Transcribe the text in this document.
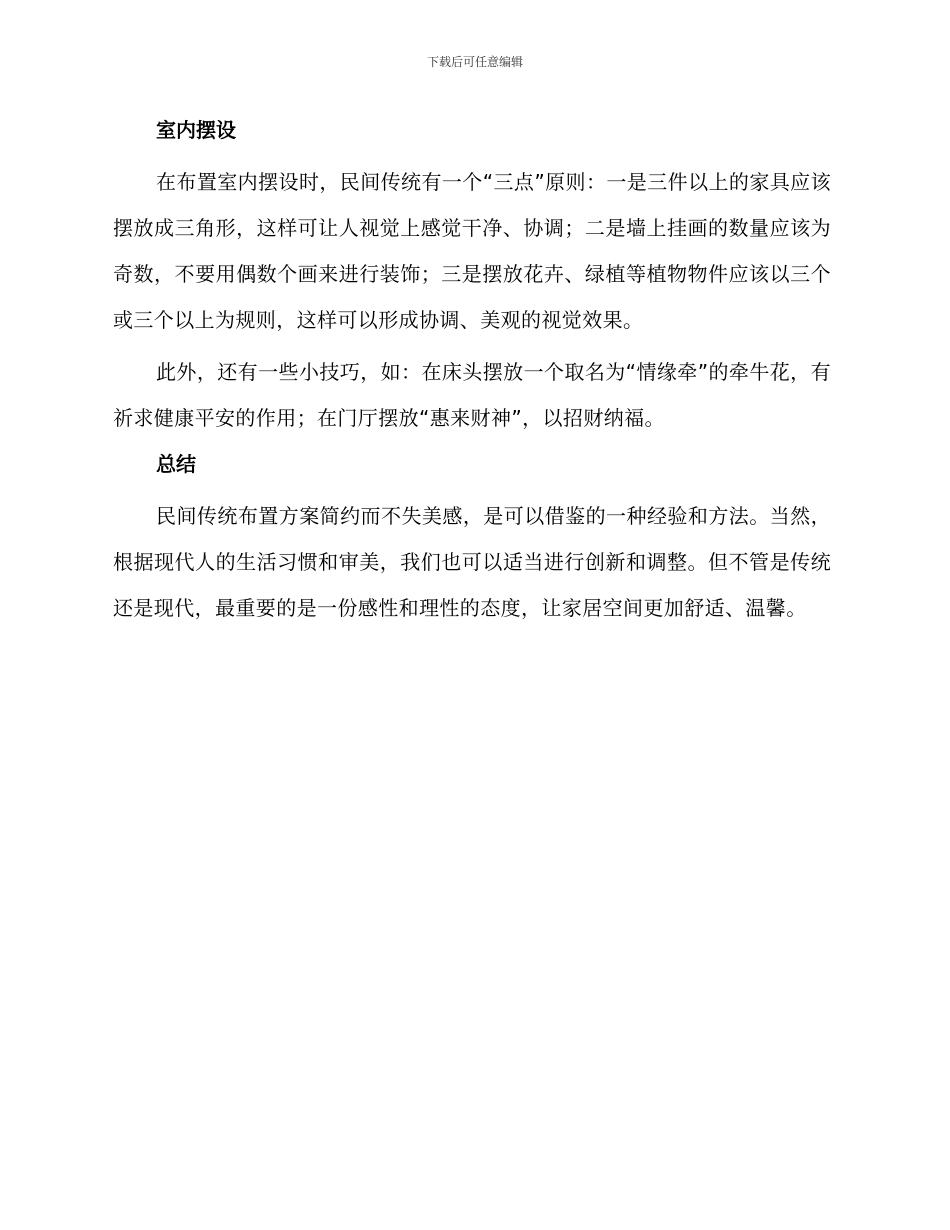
下载后可任意编辑
室内摆设

在布置室内摆设时，民间传统有一个“三点”原则：一是三件以上的家具应该摆放成三角形，这样可让人视觉上感觉干净、协调；二是墙上挂画的数量应该为奇数，不要用偶数个画来进行装饰；三是摆放花卉、绿植等植物物件应该以三个或三个以上为规则，这样可以形成协调、美观的视觉效果。

此外，还有一些小技巧，如：在床头摆放一个取名为“情缘牵”的牵牛花，有祈求健康平安的作用；在门厅摆放“惠来财神”，以招财纳福。

总结

民间传统布置方案简约而不失美感，是可以借鉴的一种经验和方法。当然，根据现代人的生活习惯和审美，我们也可以适当进行创新和调整。但不管是传统还是现代，最重要的是一份感性和理性的态度，让家居空间更加舒适、温馨。
